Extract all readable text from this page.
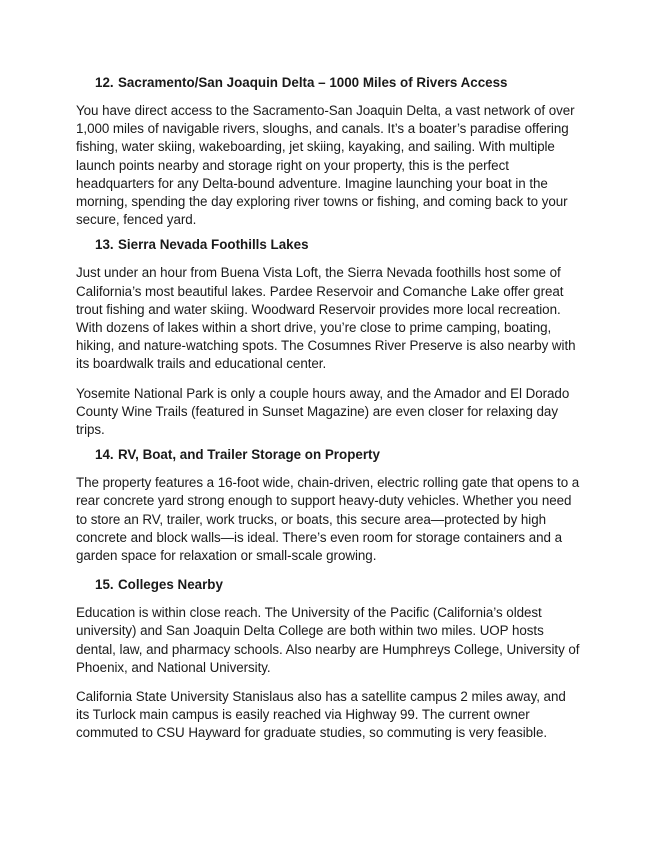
12. Sacramento/San Joaquin Delta – 1000 Miles of Rivers Access

You have direct access to the Sacramento-San Joaquin Delta, a vast network of over 1,000 miles of navigable rivers, sloughs, and canals. It’s a boater’s paradise offering fishing, water skiing, wakeboarding, jet skiing, kayaking, and sailing. With multiple launch points nearby and storage right on your property, this is the perfect headquarters for any Delta-bound adventure. Imagine launching your boat in the morning, spending the day exploring river towns or fishing, and coming back to your secure, fenced yard.

13. Sierra Nevada Foothills Lakes

Just under an hour from Buena Vista Loft, the Sierra Nevada foothills host some of California’s most beautiful lakes. Pardee Reservoir and Comanche Lake offer great trout fishing and water skiing. Woodward Reservoir provides more local recreation. With dozens of lakes within a short drive, you’re close to prime camping, boating, hiking, and nature-watching spots. The Cosumnes River Preserve is also nearby with its boardwalk trails and educational center.

Yosemite National Park is only a couple hours away, and the Amador and El Dorado County Wine Trails (featured in Sunset Magazine) are even closer for relaxing day trips.

14. RV, Boat, and Trailer Storage on Property

The property features a 16-foot wide, chain-driven, electric rolling gate that opens to a rear concrete yard strong enough to support heavy-duty vehicles. Whether you need to store an RV, trailer, work trucks, or boats, this secure area—protected by high concrete and block walls—is ideal. There’s even room for storage containers and a garden space for relaxation or small-scale growing.

15. Colleges Nearby

Education is within close reach. The University of the Pacific (California’s oldest university) and San Joaquin Delta College are both within two miles. UOP hosts dental, law, and pharmacy schools. Also nearby are Humphreys College, University of Phoenix, and National University.

California State University Stanislaus also has a satellite campus 2 miles away, and its Turlock main campus is easily reached via Highway 99. The current owner commuted to CSU Hayward for graduate studies, so commuting is very feasible.
